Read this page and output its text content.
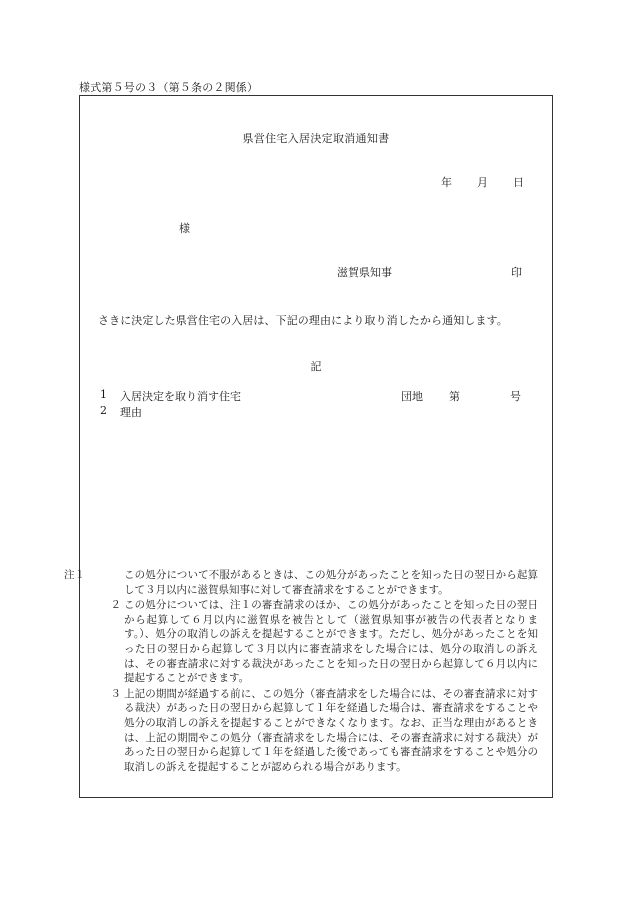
様式第５号の３（第５条の２関係）
県営住宅入居決定取消通知書
年 月 日
様
滋賀県知事	印
さきに決定した県営住宅の入居は、下記の理由により取り消したから通知します。
記
1 入居決定を取り消す住宅	団地 第	号
2 理由
注１	この処分について不服があるときは、この処分があったことを知った日の翌日から起算して３月以内に滋賀県知事に対して審査請求をすることができます。
２ この処分については、注１の審査請求のほか、この処分があったことを知った日の翌日から起算して６月以内に滋賀県を被告として（滋賀県知事が被告の代表者となります。）、処分の取消しの訴えを提起することができます。ただし、処分があったことを知った日の翌日から起算して３月以内に審査請求をした場合には、処分の取消しの訴えは、その審査請求に対する裁決があったことを知った日の翌日から起算して６月以内に提起することができます。
３ 上記の期間が経過する前に、この処分（審査請求をした場合には、その審査請求に対する裁決）があった日の翌日から起算して１年を経過した場合は、審査請求をすることや処分の取消しの訴えを提起することができなくなります。なお、正当な理由があるときは、上記の期間やこの処分（審査請求をした場合には、その審査請求に対する裁決）があった日の翌日から起算して１年を経過した後であっても審査請求をすることや処分の取消しの訴えを提起することが認められる場合があります。
